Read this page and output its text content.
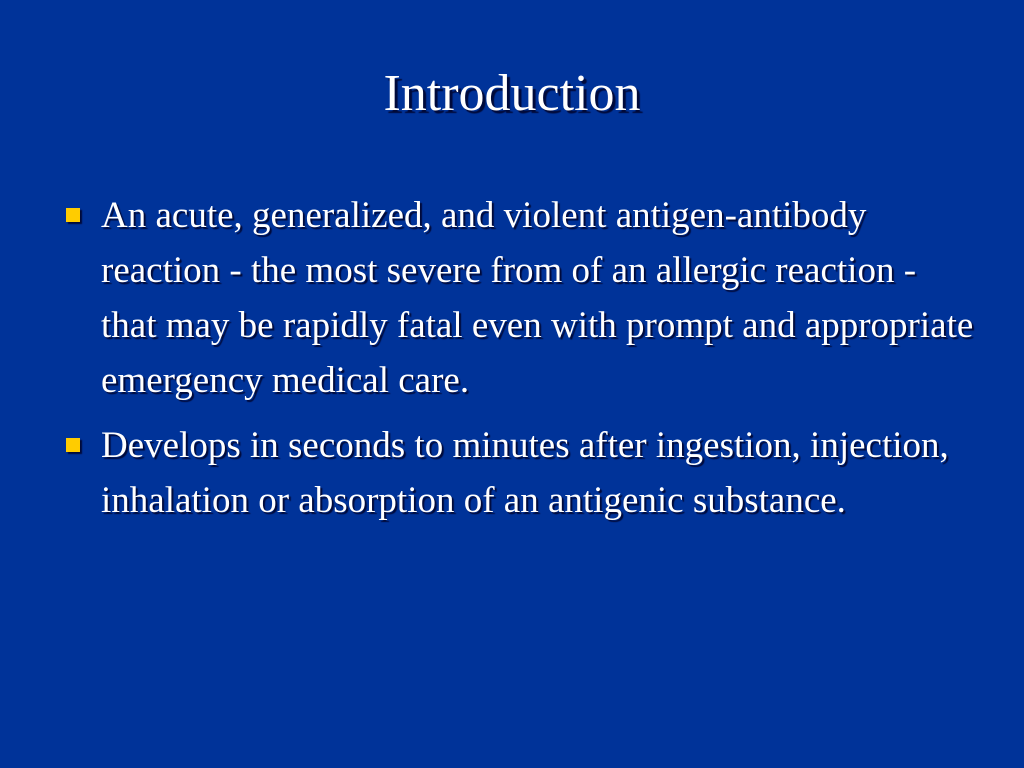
Introduction
An acute, generalized, and violent antigen-antibody reaction - the most severe from of an allergic reaction - that may be rapidly fatal even with prompt and appropriate emergency medical care.
Develops in seconds to minutes after ingestion, injection, inhalation or absorption of an antigenic substance.
